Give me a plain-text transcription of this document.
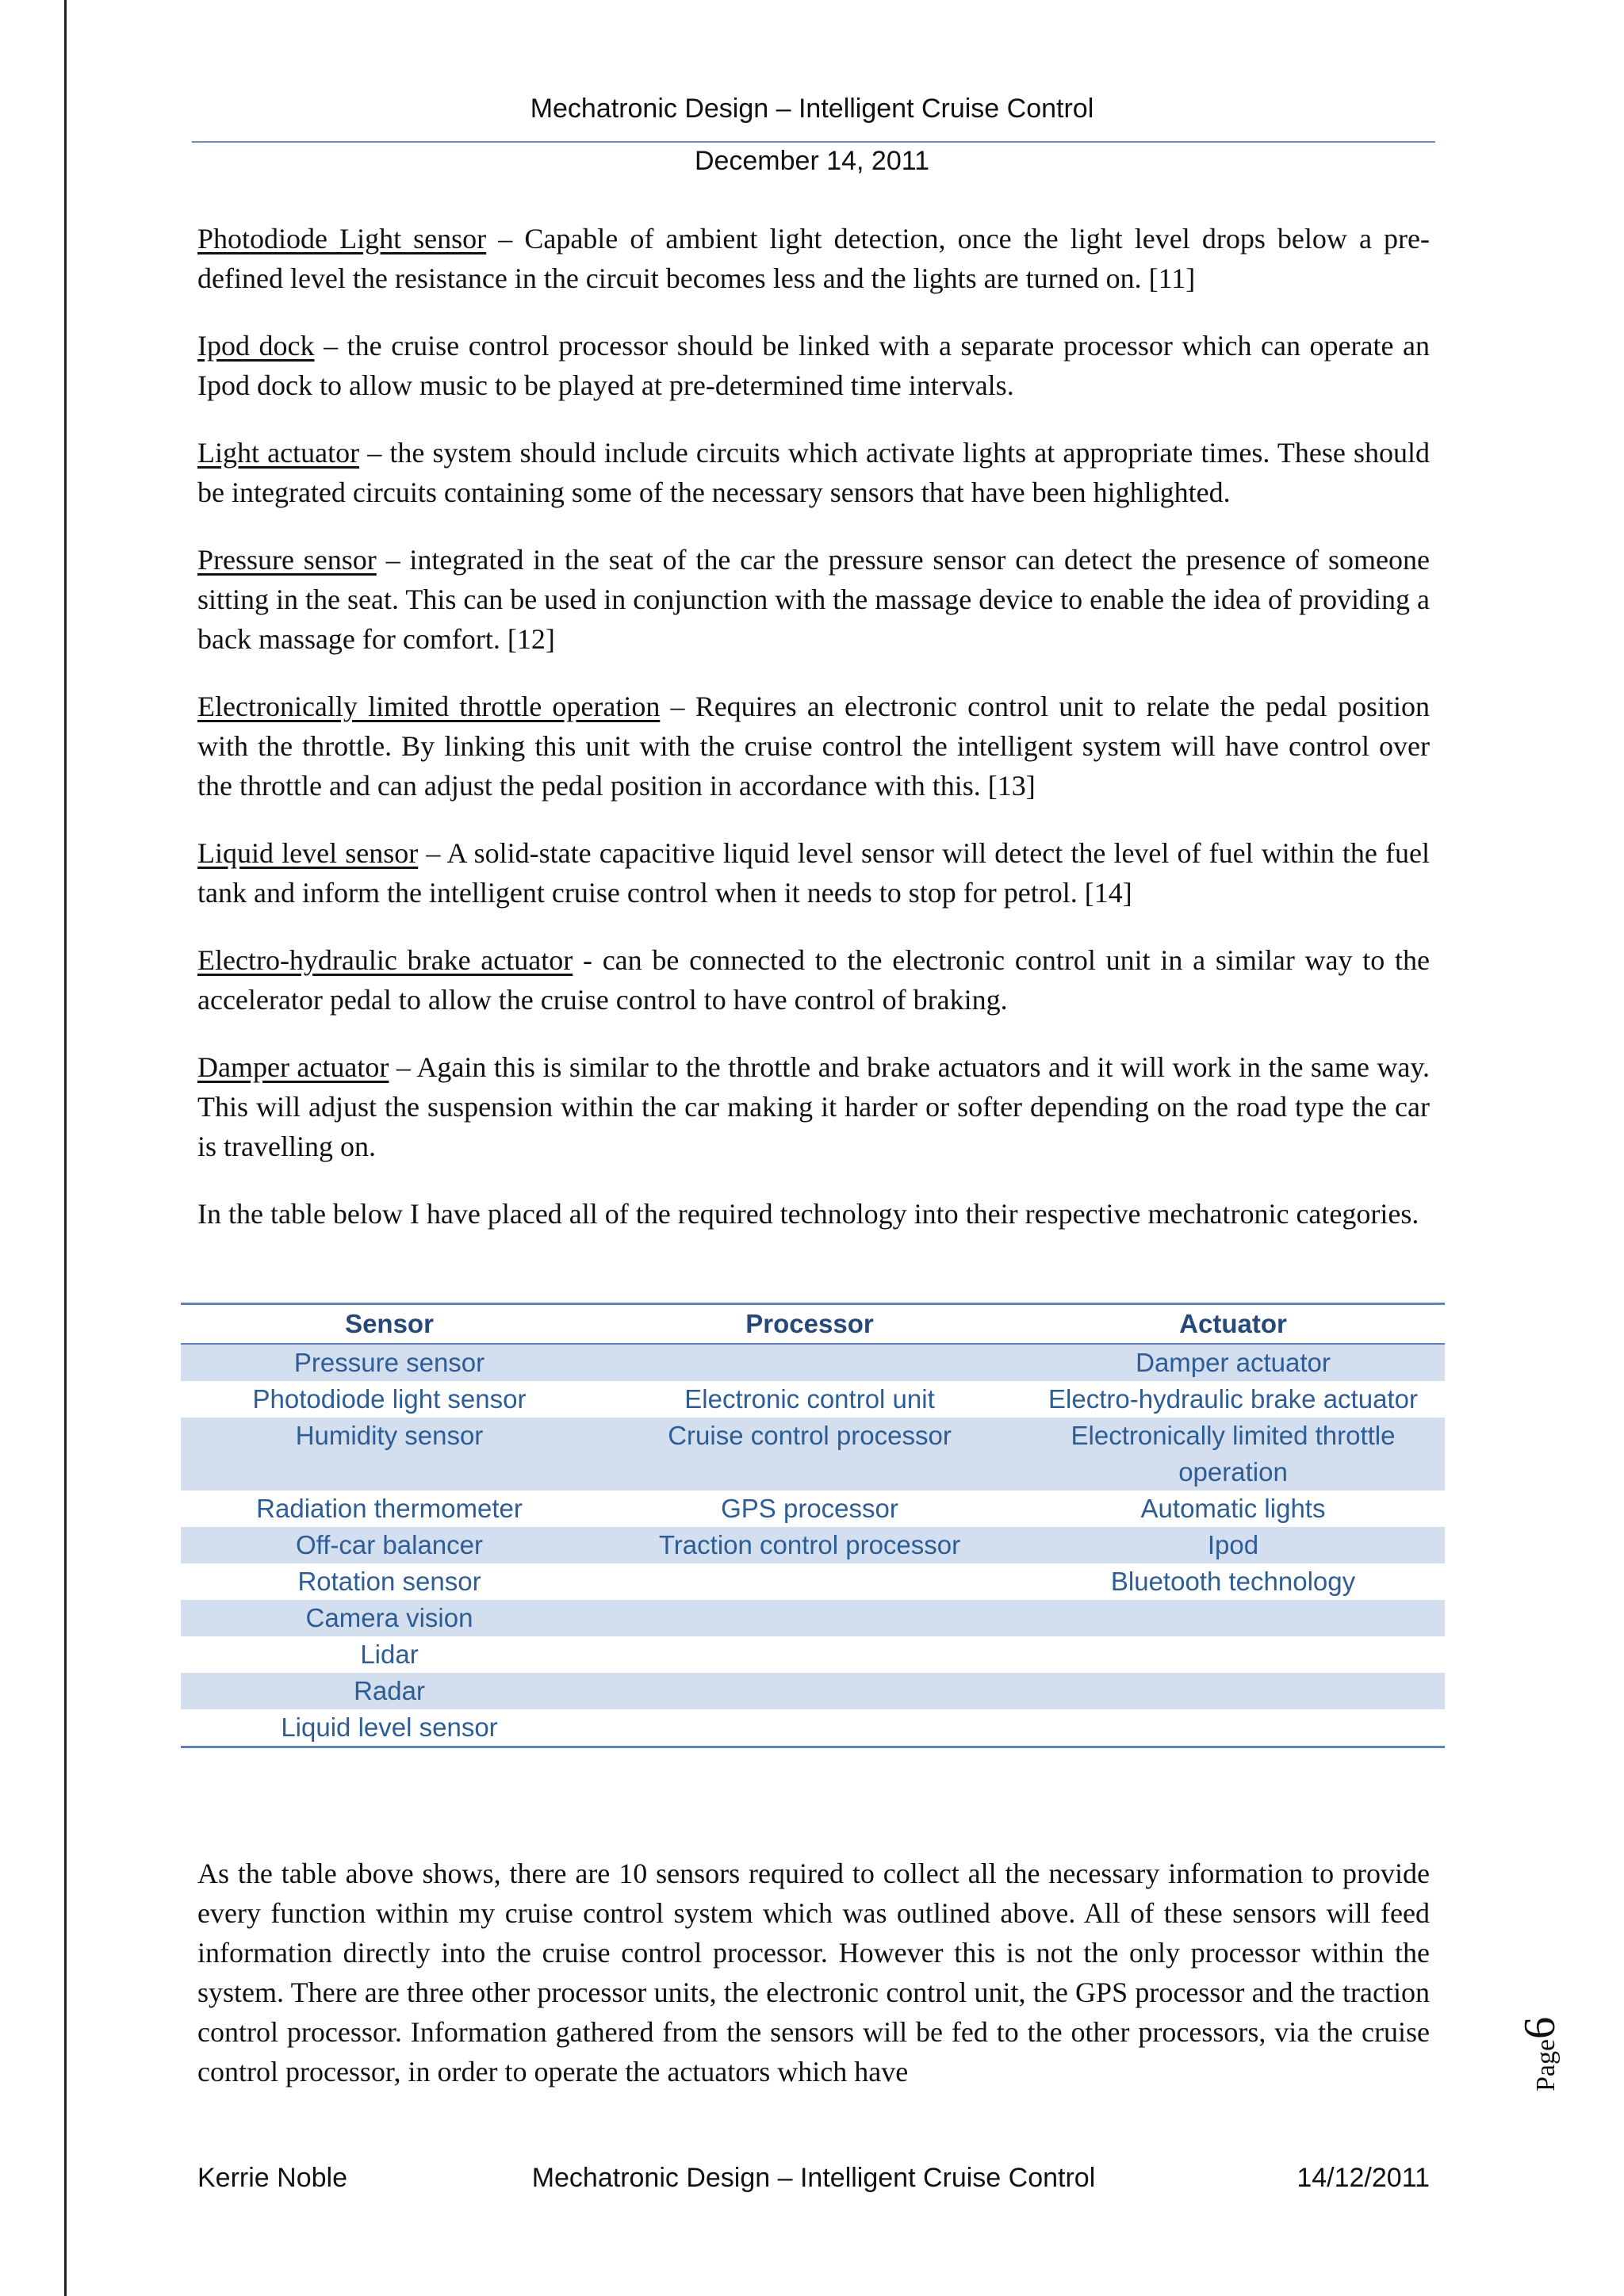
Mechatronic Design – Intelligent Cruise Control
December 14, 2011

Photodiode Light sensor – Capable of ambient light detection, once the light level drops below a pre-defined level the resistance in the circuit becomes less and the lights are turned on. [11]

Ipod dock – the cruise control processor should be linked with a separate processor which can operate an Ipod dock to allow music to be played at pre-determined time intervals.

Light actuator – the system should include circuits which activate lights at appropriate times. These should be integrated circuits containing some of the necessary sensors that have been highlighted.

Pressure sensor – integrated in the seat of the car the pressure sensor can detect the presence of someone sitting in the seat. This can be used in conjunction with the massage device to enable the idea of providing a back massage for comfort. [12]

Electronically limited throttle operation – Requires an electronic control unit to relate the pedal position with the throttle. By linking this unit with the cruise control the intelligent system will have control over the throttle and can adjust the pedal position in accordance with this. [13]

Liquid level sensor – A solid-state capacitive liquid level sensor will detect the level of fuel within the fuel tank and inform the intelligent cruise control when it needs to stop for petrol. [14]

Electro-hydraulic brake actuator - can be connected to the electronic control unit in a similar way to the accelerator pedal to allow the cruise control to have control of braking.

Damper actuator – Again this is similar to the throttle and brake actuators and it will work in the same way. This will adjust the suspension within the car making it harder or softer depending on the road type the car is travelling on.

In the table below I have placed all of the required technology into their respective mechatronic categories.

Sensor	Processor	Actuator
Pressure sensor		Damper actuator
Photodiode light sensor	Electronic control unit	Electro-hydraulic brake actuator
Humidity sensor	Cruise control processor	Electronically limited throttle operation
Radiation thermometer	GPS processor	Automatic lights
Off-car balancer	Traction control processor	Ipod
Rotation sensor		Bluetooth technology
Camera vision		
Lidar		
Radar		
Liquid level sensor		
As the table above shows, there are 10 sensors required to collect all the necessary information to provide every function within my cruise control system which was outlined above. All of these sensors will feed information directly into the cruise control processor. However this is not the only processor within the system. There are three other processor units, the electronic control unit, the GPS processor and the traction control processor. Information gathered from the sensors will be fed to the other processors, via the cruise control processor, in order to operate the actuators which have	Page6
Kerrie Noble	Mechatronic Design – Intelligent Cruise Control	14/12/2011
